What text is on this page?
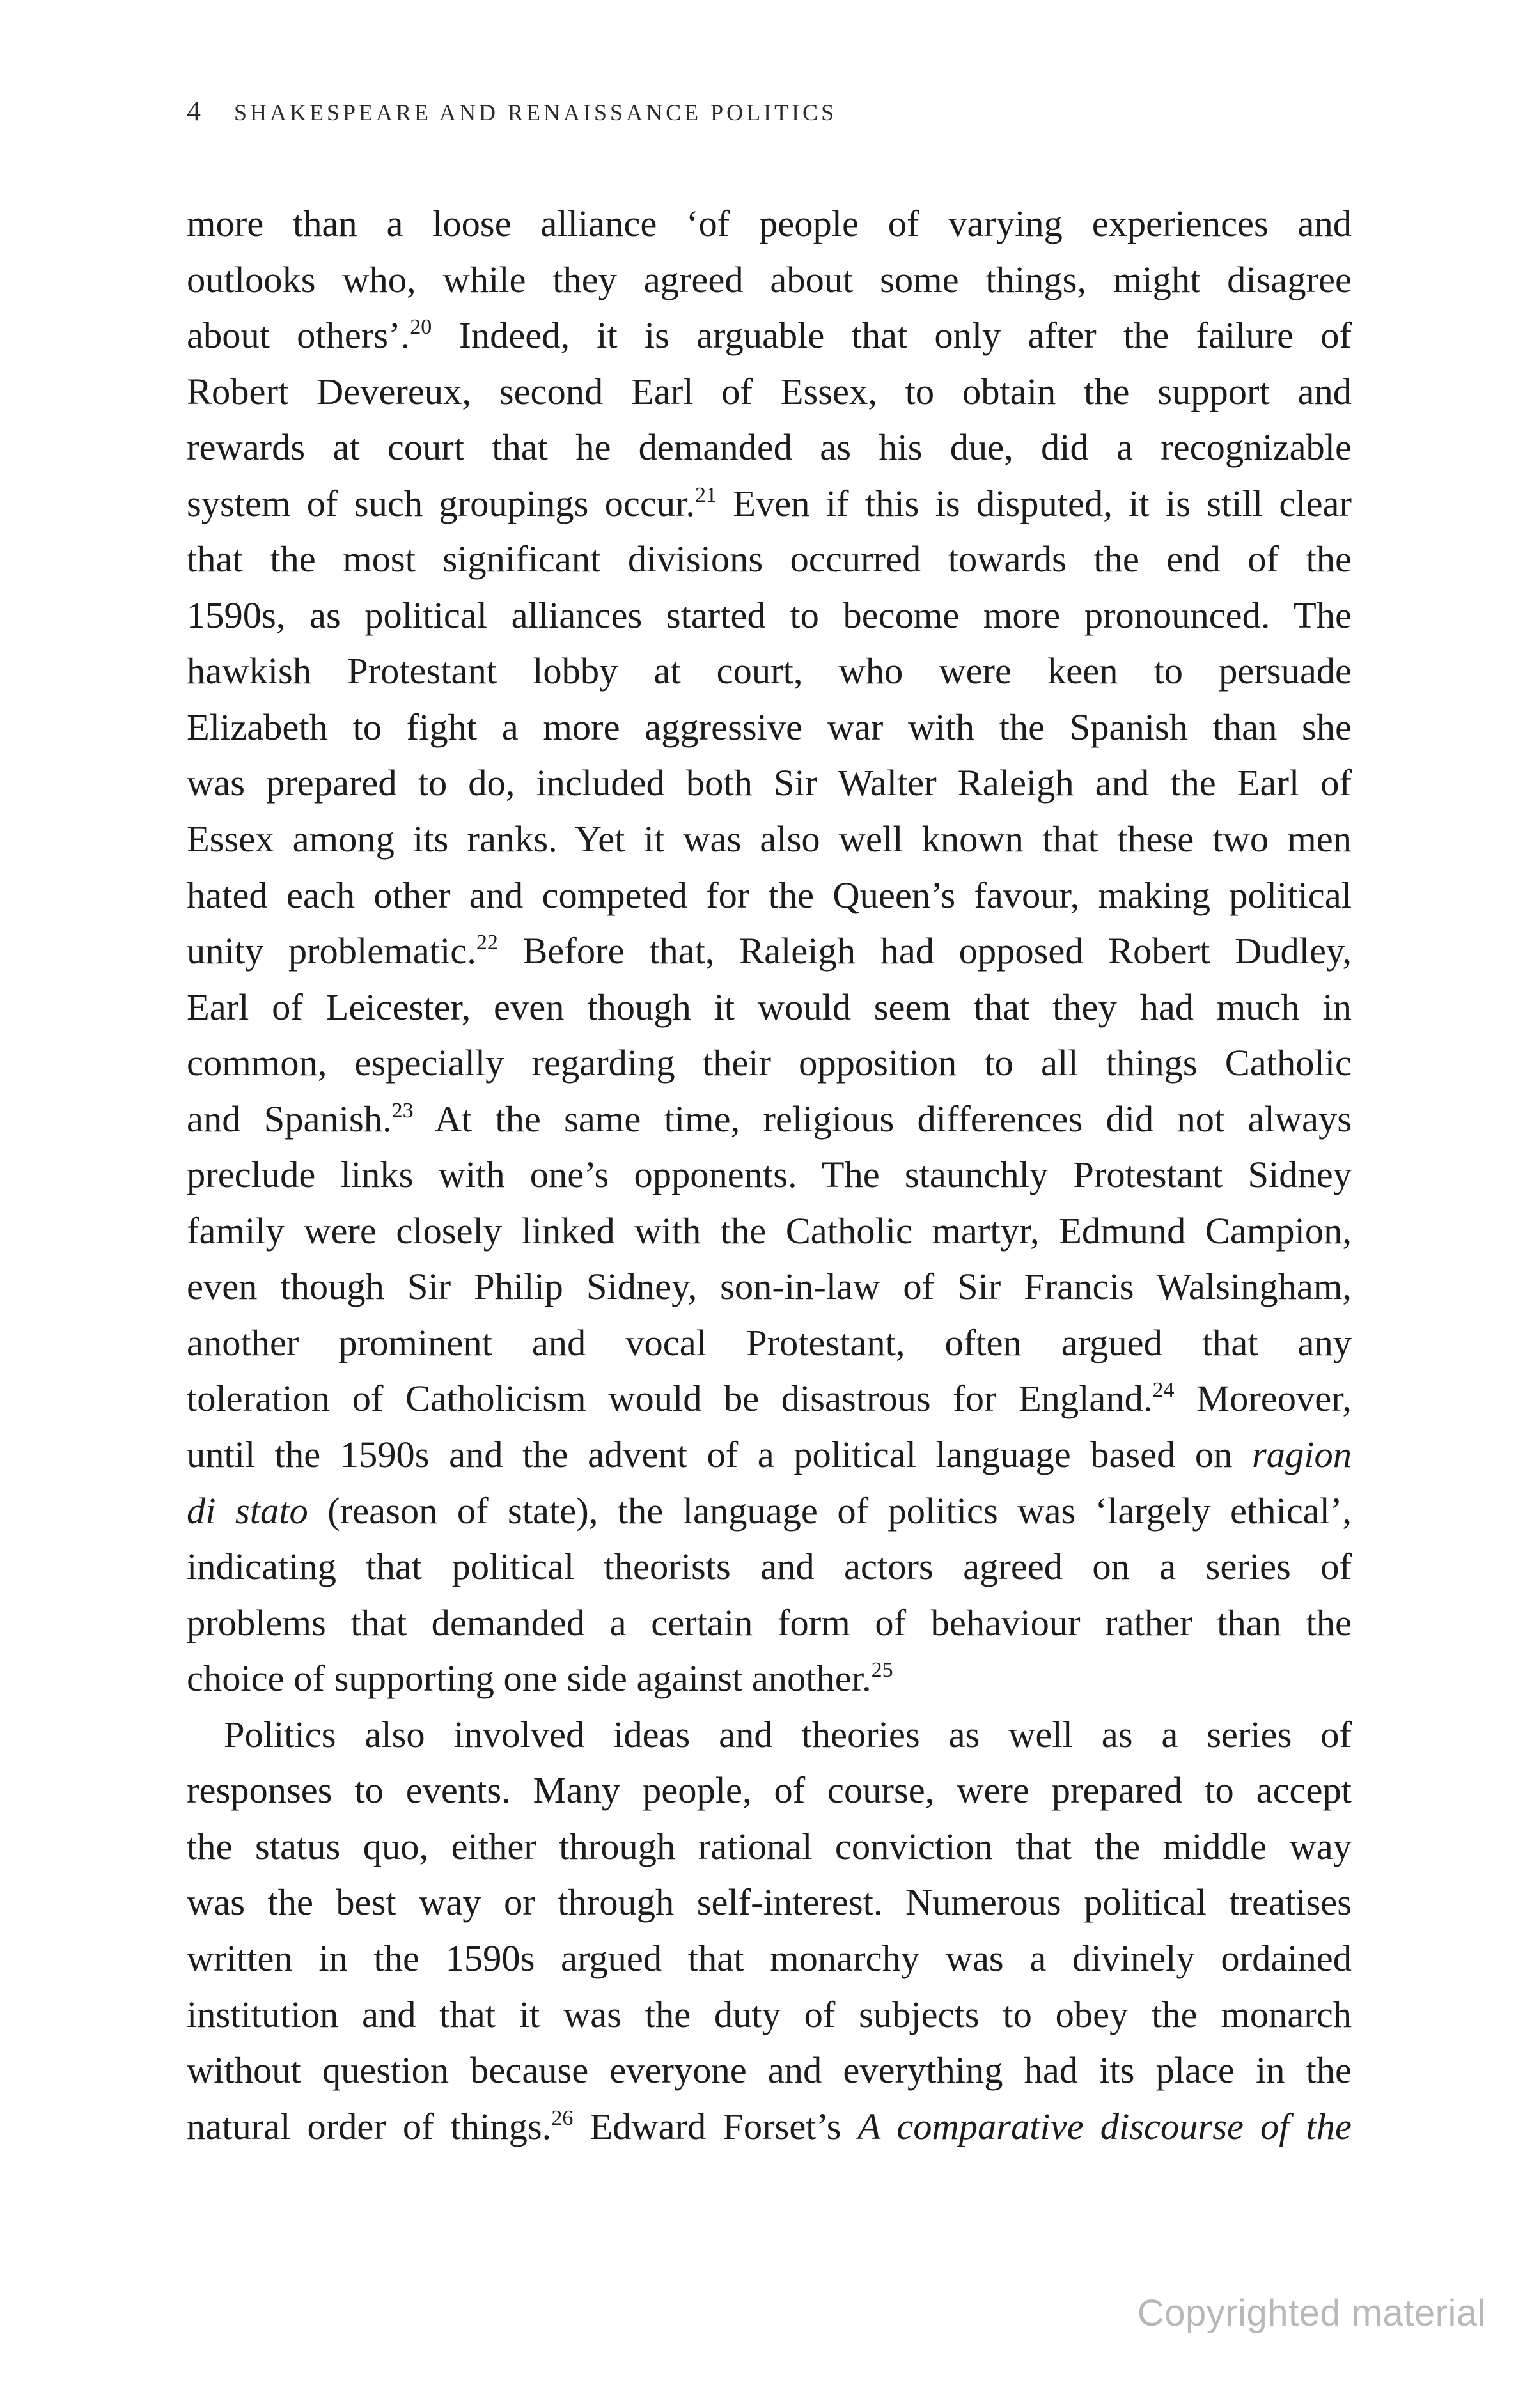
4 SHAKESPEARE AND RENAISSANCE POLITICS
more than a loose alliance ‘of people of varying experiences and
outlooks who, while they agreed about some things, might disagree
about others’.$^{20}$ Indeed, it is arguable that only after the failure of
Robert Devereux, second Earl of Essex, to obtain the support and
rewards at court that he demanded as his due, did a recognizable
system of such groupings occur.$^{21}$ Even if this is disputed, it is still clear
that the most significant divisions occurred towards the end of the
1590s, as political alliances started to become more pronounced. The
hawkish Protestant lobby at court, who were keen to persuade
Elizabeth to fight a more aggressive war with the Spanish than she
was prepared to do, included both Sir Walter Raleigh and the Earl of
Essex among its ranks. Yet it was also well known that these two men
hated each other and competed for the Queen’s favour, making political
unity problematic.$^{22}$ Before that, Raleigh had opposed Robert Dudley,
Earl of Leicester, even though it would seem that they had much in
common, especially regarding their opposition to all things Catholic
and Spanish.$^{23}$ At the same time, religious differences did not always
preclude links with one’s opponents. The staunchly Protestant Sidney
family were closely linked with the Catholic martyr, Edmund Campion,
even though Sir Philip Sidney, son-in-law of Sir Francis Walsingham,
another prominent and vocal Protestant, often argued that any
toleration of Catholicism would be disastrous for England.$^{24}$ Moreover,
until the 1590s and the advent of a political language based on ragion
di stato (reason of state), the language of politics was ‘largely ethical’,
indicating that political theorists and actors agreed on a series of
problems that demanded a certain form of behaviour rather than the
choice of supporting one side against another.$^{25}$
Politics also involved ideas and theories as well as a series of
responses to events. Many people, of course, were prepared to accept
the status quo, either through rational conviction that the middle way
was the best way or through self-interest. Numerous political treatises
written in the 1590s argued that monarchy was a divinely ordained
institution and that it was the duty of subjects to obey the monarch
without question because everyone and everything had its place in the
natural order of things.$^{26}$ Edward Forset’s A comparative discourse of the
Copyrighted material
